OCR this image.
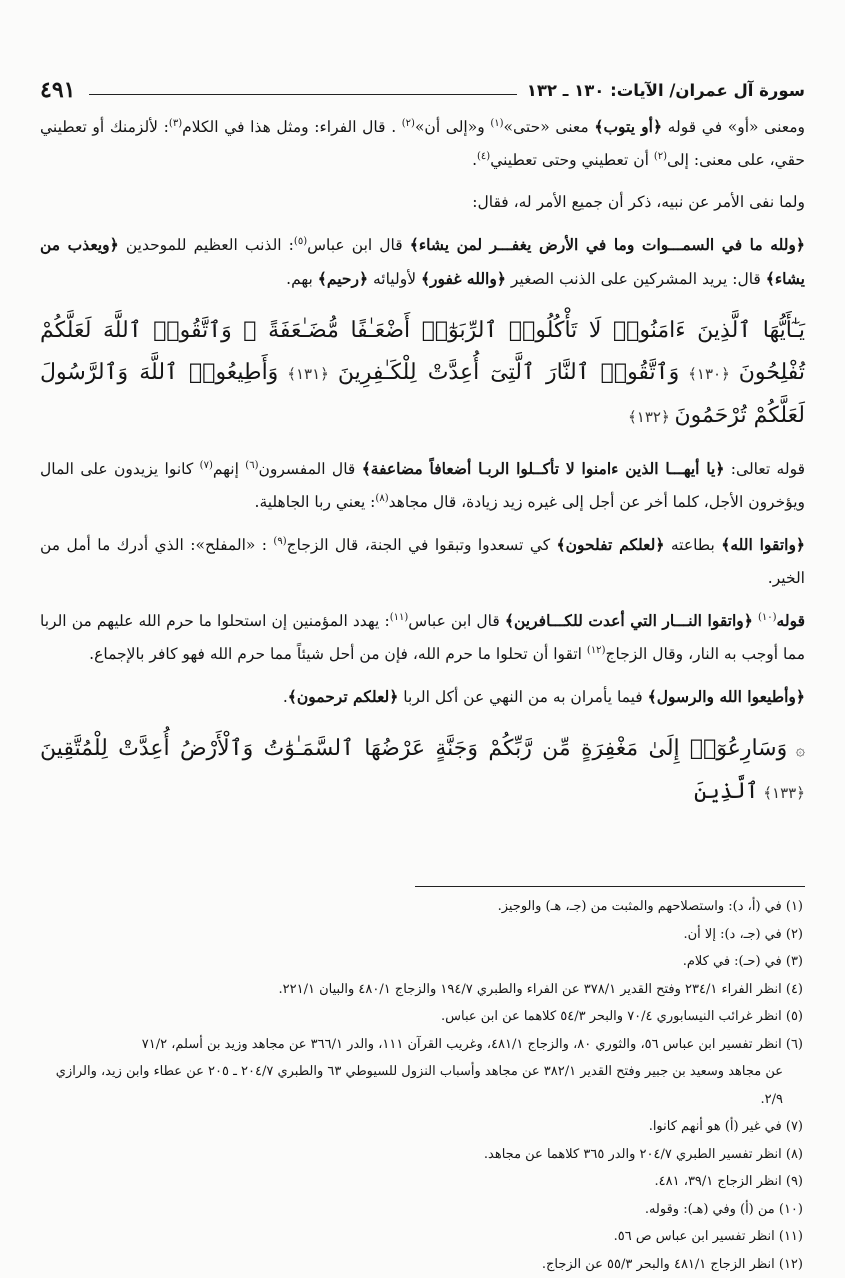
سورة آل عمران/ الآيات: ١٣٠ ـ ١٣٢
٤٩١

ومعنى «أو» في قوله ﴿أو يتوب﴾ معنى «حتى»$^{(١)}$ و«إلى أن»$^{(٢)}$ . قال الفراء: ومثل هذا في الكلام$^{(٣)}$: لألزمنك أو تعطيني حقي، على معنى: إلى$^{(٢)}$ أن تعطيني وحتى تعطيني$^{(٤)}$.

ولما نفى الأمر عن نبيه، ذكر أن جميع الأمر له، فقال:

﴿ولله ما في السمـــوات وما في الأرض يغفـــر لمن يشاء﴾ قال ابن عباس$^{(٥)}$: الذنب العظيم للموحدين ﴿ويعذب من يشاء﴾ قال: يريد المشركين على الذنب الصغير ﴿والله غفور﴾ لأوليائه ﴿رحيم﴾ بهم.

يَـٰٓأَيُّهَا ٱلَّذِينَ ءَامَنُوا۟ لَا تَأْكُلُوا۟ ٱلرِّبَوٰٓا۟ أَضْعَـٰفًا مُّضَـٰعَفَةً ۖ وَٱتَّقُوا۟ ٱللَّهَ لَعَلَّكُمْ تُفْلِحُونَ ﴿١٣٠﴾ وَٱتَّقُوا۟ ٱلنَّارَ ٱلَّتِىٓ أُعِدَّتْ لِلْكَـٰفِرِينَ ﴿١٣١﴾ وَأَطِيعُوا۟ ٱللَّهَ وَٱلرَّسُولَ لَعَلَّكُمْ تُرْحَمُونَ ﴿١٣٢﴾

قوله تعالى: ﴿يا أيهـــا الذين ءامنوا لا تأكــلوا الربـا أضعافاً مضاعفة﴾ قال المفسرون$^{(٦)}$ إنهم$^{(٧)}$ كانوا يزيدون على المال ويؤخرون الأجل، كلما أخر عن أجل إلى غيره زيد زيادة، قال مجاهد$^{(٨)}$: يعني ربا الجاهلية.

﴿واتقوا الله﴾ بطاعته ﴿لعلكم تفلحون﴾ كي تسعدوا وتبقوا في الجنة، قال الزجاج$^{(٩)}$ : «المفلح»: الذي أدرك ما أمل من الخير.

قوله$^{(١٠)}$ ﴿واتقوا النـــار التي أعدت للكـــافرين﴾ قال ابن عباس$^{(١١)}$: يهدد المؤمنين إن استحلوا ما حرم الله عليهم من الربا مما أوجب به النار، وقال الزجاج$^{(١٢)}$ اتقوا أن تحلوا ما حرم الله، فإن من أحل شيئاً مما حرم الله فهو كافر بالإجماع.

﴿وأطيعوا الله والرسول﴾ فيما يأمران به من النهي عن أكل الربا ﴿لعلكم ترحمون﴾.

۞ وَسَارِعُوٓا۟ إِلَىٰ مَغْفِرَةٍ مِّن رَّبِّكُمْ وَجَنَّةٍ عَرْضُهَا ٱلسَّمَـٰوَٰتُ وَٱلْأَرْضُ أُعِدَّتْ لِلْمُتَّقِينَ ﴿١٣٣﴾ ٱلَّذِينَ
(١) في (أ، د): واستصلاحهم والمثبت من (جـ، هـ) والوجيز.
(٢) في (جـ، د): إلا أن.
(٣) في (حـ): في كلام.
(٤) انظر الفراء ٢٣٤/١ وفتح القدير ٣٧٨/١ عن الفراء والطبري ١٩٤/٧ والزجاج ٤٨٠/١ والبيان ٢٢١/١.
(٥) انظر غرائب النيسابوري ٧٠/٤ والبحر ٥٤/٣ كلاهما عن ابن عباس.
(٦) انظر تفسير ابن عباس ٥٦، والثوري ٨٠، والزجاج ٤٨١/١، وغريب القرآن ١١١، والدر ٣٦٦/١ عن مجاهد وزيد بن أسلم، ٧١/٢
عن مجاهد وسعيد بن جبير وفتح القدير ٣٨٢/١ عن مجاهد وأسباب النزول للسيوطي ٦٣ والطبري ٢٠٤/٧ ـ ٢٠٥ عن عطاء وابن زيد، والرازي ٢/٩.
(٧) في غير (أ) هو أنهم كانوا.
(٨) انظر تفسير الطبري ٢٠٤/٧ والدر ٣٦٥ كلاهما عن مجاهد.
(٩) انظر الزجاج ٣٩/١، ٤٨١.
(١٠) من (أ) وفي (هـ): وقوله.
(١١) انظر تفسير ابن عباس ص ٥٦.
(١٢) انظر الزجاج ٤٨١/١ والبحر ٥٥/٣ عن الزجاج.
